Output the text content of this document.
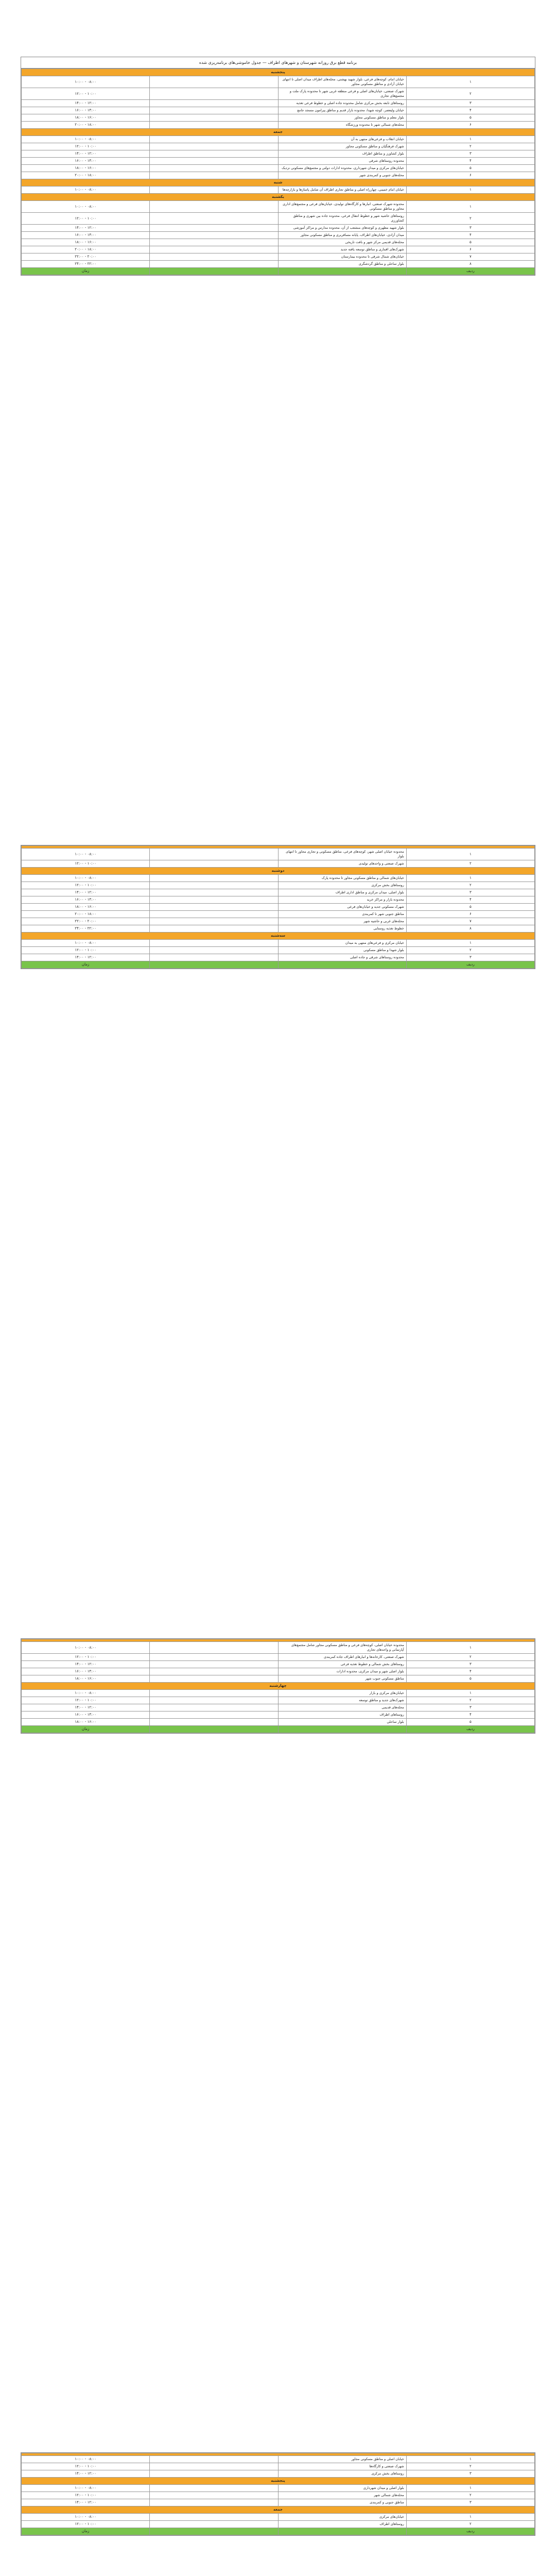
برنامه قطع برق روزانه شهرستان و شهرهای اطراف — جدول خاموشی‌های برنامه‌ریزی شده
پنجشنبه			
۱	خیابان امام، کوچه‌های فرعی، بلوار شهید بهشتی، محله‌های اطراف میدان اصلی تا انتهای خیابان آزادی و مناطق مسکونی مجاور		۰۸:۰۰ - ۱۰:۰۰
۲	شهرک صنعتی، خیابان‌های اصلی و فرعی منطقه غربی شهر تا محدوده پارک ملت و مجتمع‌های تجاری		۱۰:۰۰ - ۱۲:۰۰
۳	روستاهای تابعه بخش مرکزی شامل محدوده جاده اصلی و خطوط فرعی تغذیه		۱۲:۰۰ - ۱۴:۰۰
۴	خیابان ولیعصر، کوچه شهدا، محدوده بازار قدیم و مناطق پیرامون مسجد جامع		۱۴:۰۰ - ۱۶:۰۰
۵	بلوار معلم و مناطق مسکونی مجاور		۱۶:۰۰ - ۱۸:۰۰
۶	محله‌های شمالی شهر تا محدوده ورزشگاه		۱۸:۰۰ - ۲۰:۰۰
جمعه			
۱	خیابان انقلاب و فرعی‌های منتهی به آن		۰۸:۰۰ - ۱۰:۰۰
۲	شهرک فرهنگیان و مناطق مسکونی مجاور		۱۰:۰۰ - ۱۲:۰۰
۳	بلوار کشاورز و مناطق اطراف		۱۲:۰۰ - ۱۴:۰۰
۴	محدوده روستاهای شرقی		۱۴:۰۰ - ۱۶:۰۰
۵	خیابان‌های مرکزی و میدان شهرداری، محدوده ادارات دولتی و مجتمع‌های مسکونی نزدیک		۱۶:۰۰ - ۱۸:۰۰
۶	محله‌های جنوبی و کمربندی شهر		۱۸:۰۰ - ۲۰:۰۰
شنبه			
۱	خیابان امام خمینی، چهارراه اصلی و مناطق تجاری اطراف آن شامل پاساژها و بازارچه‌ها		۰۸:۰۰ - ۱۰:۰۰
یکشنبه			
۱	محدوده شهرک صنعتی، انبارها و کارگاه‌های تولیدی، خیابان‌های فرعی و مجتمع‌های اداری مجاور و مناطق مسکونی		۰۸:۰۰ - ۱۰:۰۰
۲	روستاهای حاشیه شهر و خطوط انتقال فرعی، محدوده جاده بین شهری و مناطق کشاورزی		۱۰:۰۰ - ۱۲:۰۰
۳	بلوار شهید مطهری و کوچه‌های منشعب از آن، محدوده مدارس و مراکز آموزشی		۱۲:۰۰ - ۱۴:۰۰
۴	میدان آزادی، خیابان‌های اطراف، پایانه مسافربری و مناطق مسکونی مجاور		۱۴:۰۰ - ۱۶:۰۰
۵	محله‌های قدیمی مرکز شهر و بافت تاریخی		۱۶:۰۰ - ۱۸:۰۰
۶	شهرک‌های اقماری و مناطق توسعه یافته جدید		۱۸:۰۰ - ۲۰:۰۰
۷	خیابان‌های شمال شرقی تا محدوده بیمارستان		۲۰:۰۰ - ۲۲:۰۰
۸	بلوار ساحلی و مناطق گردشگری		۲۲:۰۰ - ۲۴:۰۰
ردیف			زمان

۱	محدوده خیابان اصلی شهر، کوچه‌های فرعی، مناطق مسکونی و تجاری مجاور تا انتهای بلوار		۰۸:۰۰ - ۱۰:۰۰
۲	شهرک صنعتی و واحدهای تولیدی		۱۰:۰۰ - ۱۲:۰۰
دوشنبه			
۱	خیابان‌های شمالی و مناطق مسکونی مجاور تا محدوده پارک		۰۸:۰۰ - ۱۰:۰۰
۲	روستاهای بخش مرکزی		۱۰:۰۰ - ۱۲:۰۰
۳	بلوار اصلی، میدان مرکزی و مناطق اداری اطراف		۱۲:۰۰ - ۱۴:۰۰
۴	محدوده بازار و مراکز خرید		۱۴:۰۰ - ۱۶:۰۰
۵	شهرک مسکونی جدید و خیابان‌های فرعی		۱۶:۰۰ - ۱۸:۰۰
۶	مناطق جنوبی شهر تا کمربندی		۱۸:۰۰ - ۲۰:۰۰
۷	محله‌های غربی و حاشیه شهر		۲۰:۰۰ - ۲۲:۰۰
۸	خطوط تغذیه روستایی		۲۲:۰۰ - ۲۴:۰۰
سه‌شنبه			
۱	خیابان مرکزی و فرعی‌های منتهی به میدان		۰۸:۰۰ - ۱۰:۰۰
۲	بلوار شهدا و مناطق مسکونی		۱۰:۰۰ - ۱۲:۰۰
۳	محدوده روستاهای شرقی و جاده اصلی		۱۲:۰۰ - ۱۴:۰۰
ردیف			زمان

۱	محدوده خیابان اصلی، کوچه‌های فرعی و مناطق مسکونی مجاور شامل مجتمع‌های آپارتمانی و واحدهای تجاری		۰۸:۰۰ - ۱۰:۰۰
۲	شهرک صنعتی، کارخانه‌ها و انبارهای اطراف جاده کمربندی		۱۰:۰۰ - ۱۲:۰۰
۳	روستاهای بخش شمالی و خطوط تغذیه فرعی		۱۲:۰۰ - ۱۴:۰۰
۴	بلوار اصلی شهر و میدان مرکزی، محدوده ادارات		۱۴:۰۰ - ۱۶:۰۰
۵	مناطق مسکونی جنوب شهر		۱۶:۰۰ - ۱۸:۰۰
چهارشنبه			
۱	خیابان‌های مرکزی و بازار		۰۸:۰۰ - ۱۰:۰۰
۲	شهرک‌های جدید و مناطق توسعه		۱۰:۰۰ - ۱۲:۰۰
۳	محله‌های قدیمی		۱۲:۰۰ - ۱۴:۰۰
۴	روستاهای اطراف		۱۴:۰۰ - ۱۶:۰۰
۵	بلوار ساحلی		۱۶:۰۰ - ۱۸:۰۰
ردیف			زمان

۱	خیابان اصلی و مناطق مسکونی مجاور		۰۸:۰۰ - ۱۰:۰۰
۲	شهرک صنعتی و کارگاه‌ها		۱۰:۰۰ - ۱۲:۰۰
۳	روستاهای بخش مرکزی		۱۲:۰۰ - ۱۴:۰۰
پنجشنبه			
۱	بلوار اصلی و میدان شهرداری		۰۸:۰۰ - ۱۰:۰۰
۲	محله‌های شمالی شهر		۱۰:۰۰ - ۱۲:۰۰
۳	مناطق جنوبی و کمربندی		۱۲:۰۰ - ۱۴:۰۰
جمعه			
۱	خیابان‌های مرکزی		۰۸:۰۰ - ۱۰:۰۰
۲	روستاهای اطراف		۱۰:۰۰ - ۱۲:۰۰
ردیف			زمان
